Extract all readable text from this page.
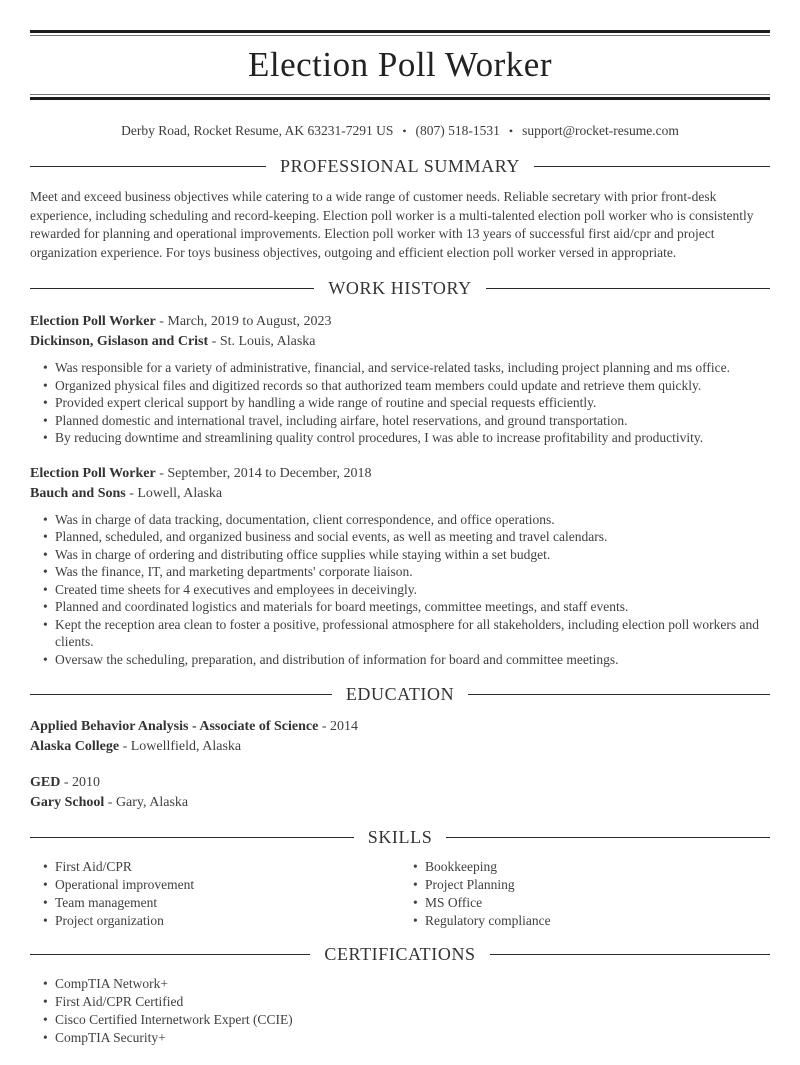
Election Poll Worker
Derby Road, Rocket Resume, AK 63231-7291 US • (807) 518-1531 • support@rocket-resume.com
PROFESSIONAL SUMMARY

Meet and exceed business objectives while catering to a wide range of customer needs. Reliable secretary with prior front-desk experience, including scheduling and record-keeping. Election poll worker is a multi-talented election poll worker who is consistently rewarded for planning and operational improvements. Election poll worker with 13 years of successful first aid/cpr and project organization experience. For toys business objectives, outgoing and efficient election poll worker versed in appropriate.

WORK HISTORY
Election Poll Worker - March, 2019 to August, 2023
Dickinson, Gislason and Crist - St. Louis, Alaska
• Was responsible for a variety of administrative, financial, and service-related tasks, including project planning and ms office.
• Organized physical files and digitized records so that authorized team members could update and retrieve them quickly.
• Provided expert clerical support by handling a wide range of routine and special requests efficiently.
• Planned domestic and international travel, including airfare, hotel reservations, and ground transportation.
• By reducing downtime and streamlining quality control procedures, I was able to increase profitability and productivity.
Election Poll Worker - September, 2014 to December, 2018
Bauch and Sons - Lowell, Alaska
• Was in charge of data tracking, documentation, client correspondence, and office operations.
• Planned, scheduled, and organized business and social events, as well as meeting and travel calendars.
• Was in charge of ordering and distributing office supplies while staying within a set budget.
• Was the finance, IT, and marketing departments' corporate liaison.
• Created time sheets for 4 executives and employees in deceivingly.
• Planned and coordinated logistics and materials for board meetings, committee meetings, and staff events.
• Kept the reception area clean to foster a positive, professional atmosphere for all stakeholders, including election poll workers and clients.
• Oversaw the scheduling, preparation, and distribution of information for board and committee meetings.
EDUCATION
Applied Behavior Analysis - Associate of Science - 2014
Alaska College - Lowellfield, Alaska
GED - 2010
Gary School - Gary, Alaska
SKILLS
• First Aid/CPR
• Operational improvement
• Team management
• Project organization
• Bookkeeping
• Project Planning
• MS Office
• Regulatory compliance
CERTIFICATIONS
• CompTIA Network+
• First Aid/CPR Certified
• Cisco Certified Internetwork Expert (CCIE)
• CompTIA Security+
